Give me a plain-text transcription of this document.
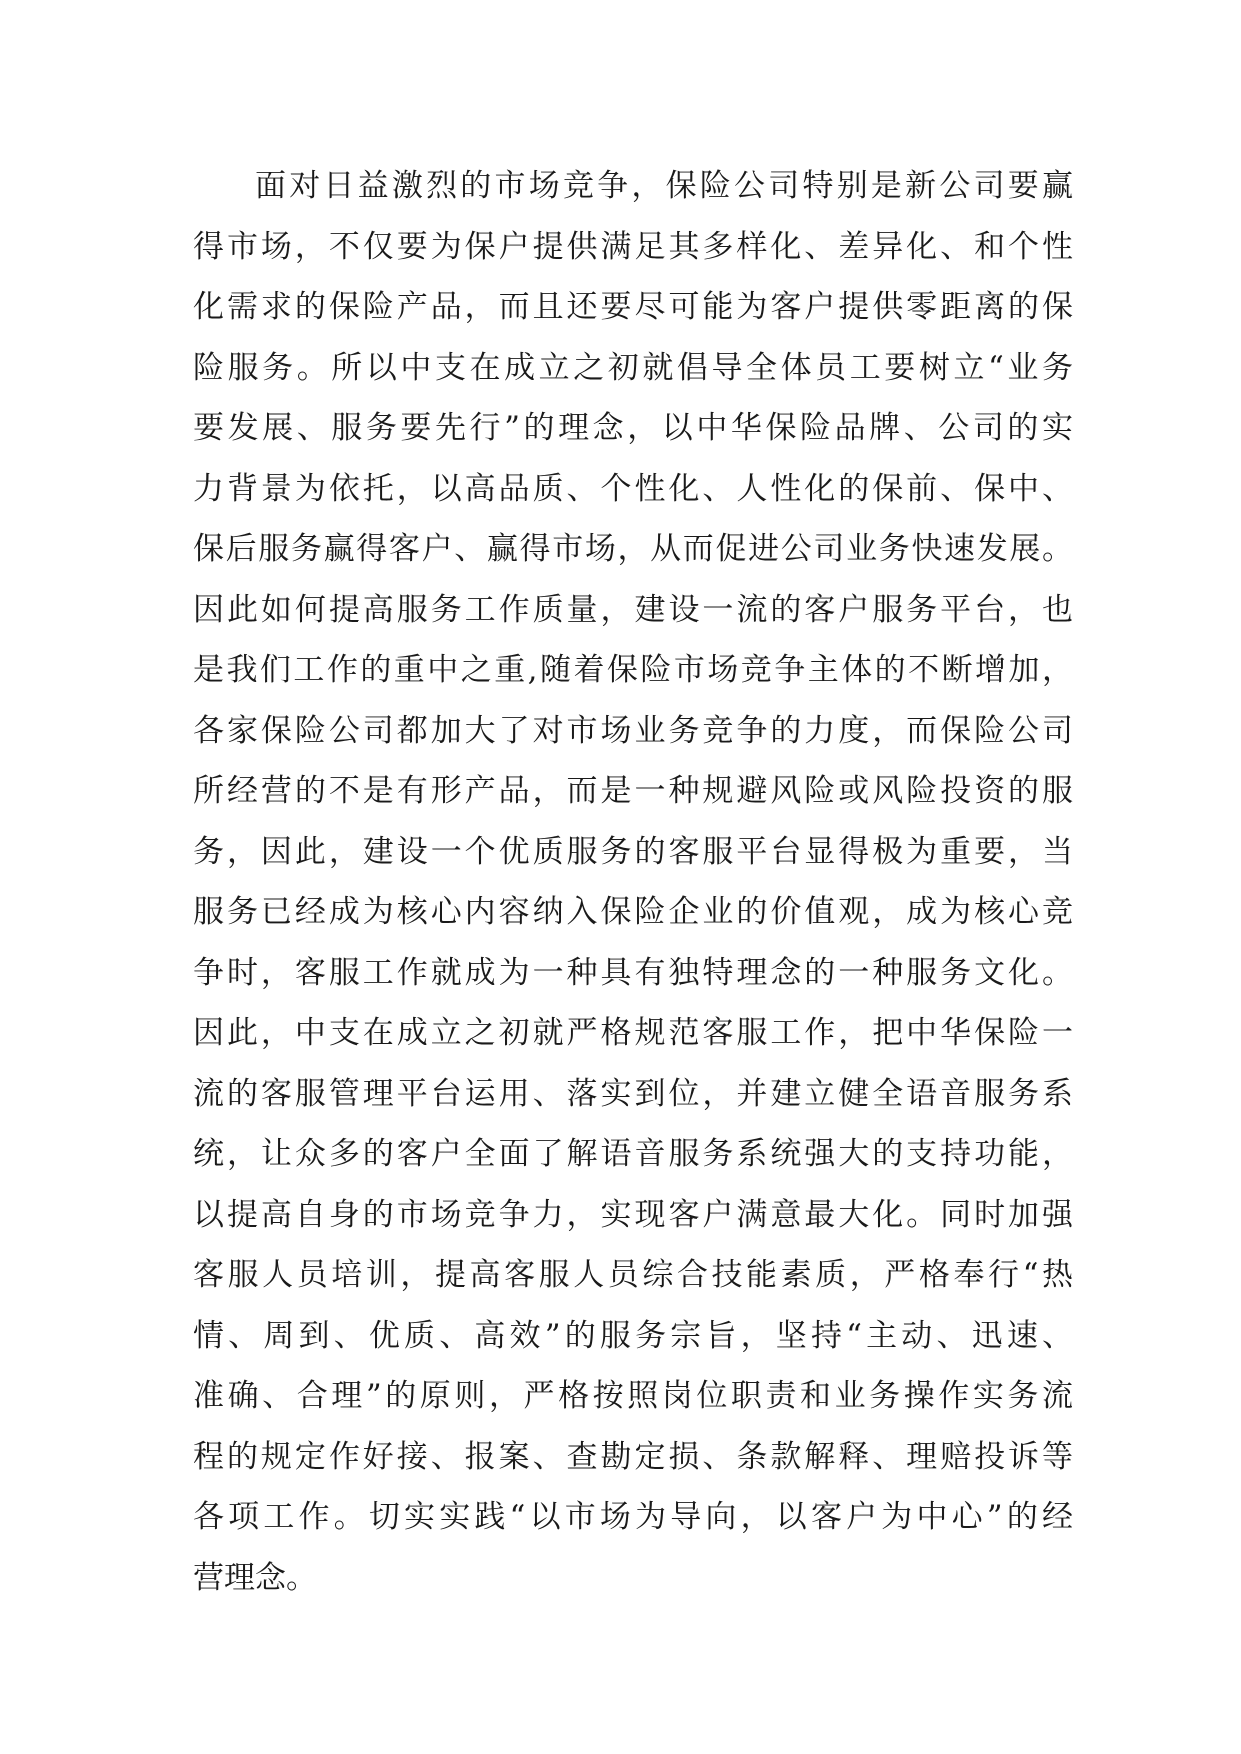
面对日益激烈的市场竞争，保险公司特别是新公司要赢
得市场，不仅要为保户提供满足其多样化、差异化、和个性
化需求的保险产品，而且还要尽可能为客户提供零距离的保
险服务。所以中支在成立之初就倡导全体员工要树立“业务
要发展、服务要先行”的理念，以中华保险品牌、公司的实
力背景为依托，以高品质、个性化、人性化的保前、保中、
保后服务赢得客户、赢得市场，从而促进公司业务快速发展。
因此如何提高服务工作质量，建设一流的客户服务平台，也
是我们工作的重中之重,随着保险市场竞争主体的不断增加，
各家保险公司都加大了对市场业务竞争的力度，而保险公司
所经营的不是有形产品，而是一种规避风险或风险投资的服
务，因此，建设一个优质服务的客服平台显得极为重要，当
服务已经成为核心内容纳入保险企业的价值观，成为核心竞
争时，客服工作就成为一种具有独特理念的一种服务文化。
因此，中支在成立之初就严格规范客服工作，把中华保险一
流的客服管理平台运用、落实到位，并建立健全语音服务系
统，让众多的客户全面了解语音服务系统强大的支持功能，
以提高自身的市场竞争力，实现客户满意最大化。同时加强
客服人员培训，提高客服人员综合技能素质，严格奉行“热
情、周到、优质、高效”的服务宗旨，坚持“主动、迅速、
准确、合理”的原则，严格按照岗位职责和业务操作实务流
程的规定作好接、报案、查勘定损、条款解释、理赔投诉等
各项工作。切实实践“以市场为导向，以客户为中心”的经
营理念。
